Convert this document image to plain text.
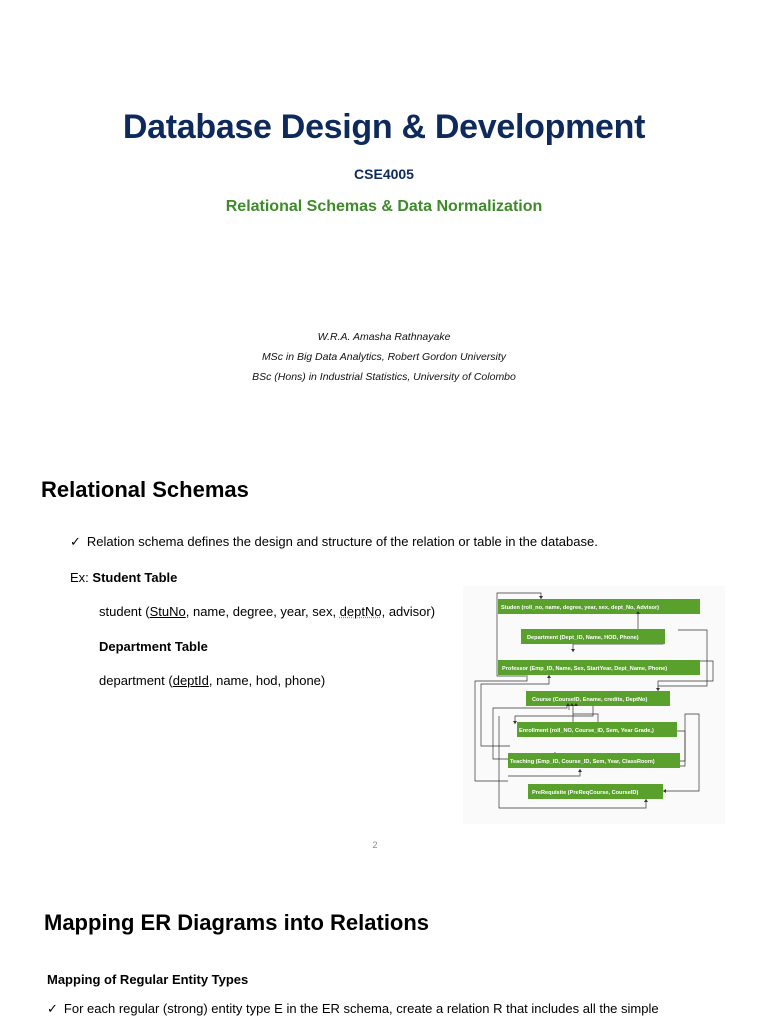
Database Design & Development
CSE4005
Relational Schemas & Data Normalization
W.R.A. Amasha Rathnayake
MSc in Big Data Analytics, Robert Gordon University
BSc (Hons) in Industrial Statistics, University of Colombo
Relational Schemas
✓ Relation schema defines the design and structure of the relation or table in the database.
Ex: Student Table
student (StuNo, name, degree, year, sex, deptNo, advisor)
Department Table
department (deptId, name, hod, phone)
Studen (roll_no, name, degree, year, sex, dept_No, Advisor)
Department (Dept_ID, Name, HOD, Phone)
Professor (Emp_ID, Name, Sex, StartYear, Dept_Name, Phone)
Course (CourseID, Ename, credits, DeptNo)
Enrollment (roll_NO, Course_ID, Sem, Year Grade,)
Teaching (Emp_ID, Course_ID, Sem, Year, ClassRoom)
PreRequisite (PreReqCourse, CourseID)
2
Mapping ER Diagrams into Relations
Mapping of Regular Entity Types
✓ For each regular (strong) entity type E in the ER schema, create a relation R that includes all the simple
